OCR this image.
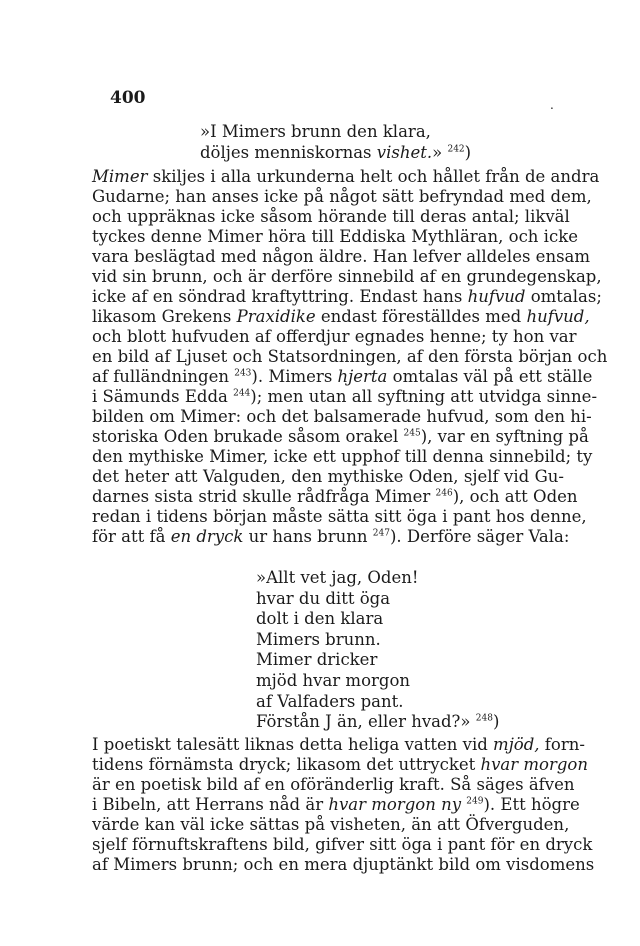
400	.
»I Mimers brunn den klara,
döljes menniskornas vishet.» $^{242}$)
Mimer skiljes i alla urkunderna helt och hållet från de andra
Gudarne; han anses icke på något sätt befryndad med dem,
och uppräknas icke såsom hörande till deras antal; likväl
tyckes denne Mimer höra till Eddiska Mythläran, och icke
vara beslägtad med någon äldre. Han lefver alldeles ensam
vid sin brunn, och är derföre sinnebild af en grundegenskap,
icke af en söndrad kraftyttring. Endast hans hufvud omtalas;
likasom Grekens Praxidike endast föreställdes med hufvud,
och blott hufvuden af offerdjur egnades henne; ty hon var
en bild af Ljuset och Statsordningen, af den första början och
af fulländningen $^{243}$). Mimers hjerta omtalas väl på ett ställe
i Sämunds Edda $^{244}$); men utan all syftning att utvidga sinne-
bilden om Mimer: och det balsamerade hufvud, som den hi-
storiska Oden brukade såsom orakel $^{245}$), var en syftning på
den mythiske Mimer, icke ett upphof till denna sinnebild; ty
det heter att Valguden, den mythiske Oden, sjelf vid Gu-
darnes sista strid skulle rådfråga Mimer $^{246}$), och att Oden
redan i tidens början måste sätta sitt öga i pant hos denne,
för att få en dryck ur hans brunn $^{247}$). Derföre säger Vala:
»Allt vet jag, Oden!
hvar du ditt öga
dolt i den klara
Mimers brunn.
Mimer dricker
mjöd hvar morgon
af Valfaders pant.
Förstån J än, eller hvad?» $^{248}$)
I poetiskt talesätt liknas detta heliga vatten vid mjöd, forn-
tidens förnämsta dryck; likasom det uttrycket hvar morgon
är en poetisk bild af en oföränderlig kraft. Så säges äfven
i Bibeln, att Herrans nåd är hvar morgon ny $^{249}$). Ett högre
värde kan väl icke sättas på visheten, än att Öfverguden,
sjelf förnuftskraftens bild, gifver sitt öga i pant för en dryck
af Mimers brunn; och en mera djuptänkt bild om visdomens
